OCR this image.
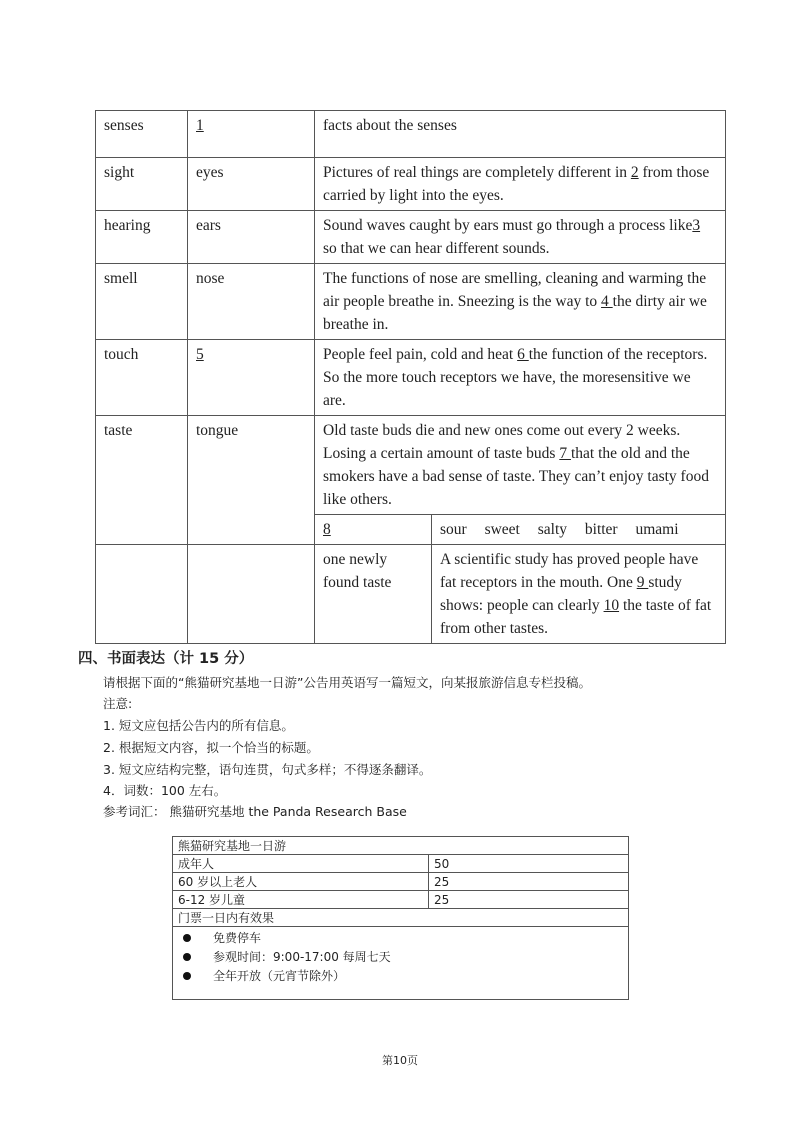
senses	1	facts about the senses	
sight	eyes	Pictures of real things are completely different in 2 from those carried by light into the eyes.	
hearing	ears	Sound waves caught by ears must go through a process like3 so that we can hear different sounds.	
smell	nose	The functions of nose are smelling, cleaning and warming the air people breathe in. Sneezing is the way to 4 the dirty air we breathe in.	
touch	5	People feel pain, cold and heat 6 the function of the receptors. So the more touch receptors we have, the moresensitive we are.	
taste	tongue	Old taste buds die and new ones come out every 2 weeks. Losing a certain amount of taste buds 7 that the old and the smokers have a bad sense of taste. They can’t enjoy tasty food like others.	
		8	sour sweet salty bitter umami
		one newly found taste	A scientific study has proved people have fat receptors in the mouth. One 9 study shows: people can clearly 10 the taste of fat from other tastes.
四、书面表达（计 15 分）
请根据下面的“熊猫研究基地一日游”公告用英语写一篇短文，向某报旅游信息专栏投稿。
注意:
1. 短文应包括公告内的所有信息。
2. 根据短文内容，拟一个恰当的标题。
3. 短文应结构完整，语句连贯，句式多样；不得逐条翻译。
4．词数：100 左右。
参考词汇： 熊猫研究基地 the Panda Research Base
熊猫研究基地一日游	
成年人	50
60 岁以上老人	25
6-12 岁儿童	25
门票一日内有效果	

免费停车
参观时间：9:00-17:00 每周七天
全年开放（元宵节除外）	
第10页
